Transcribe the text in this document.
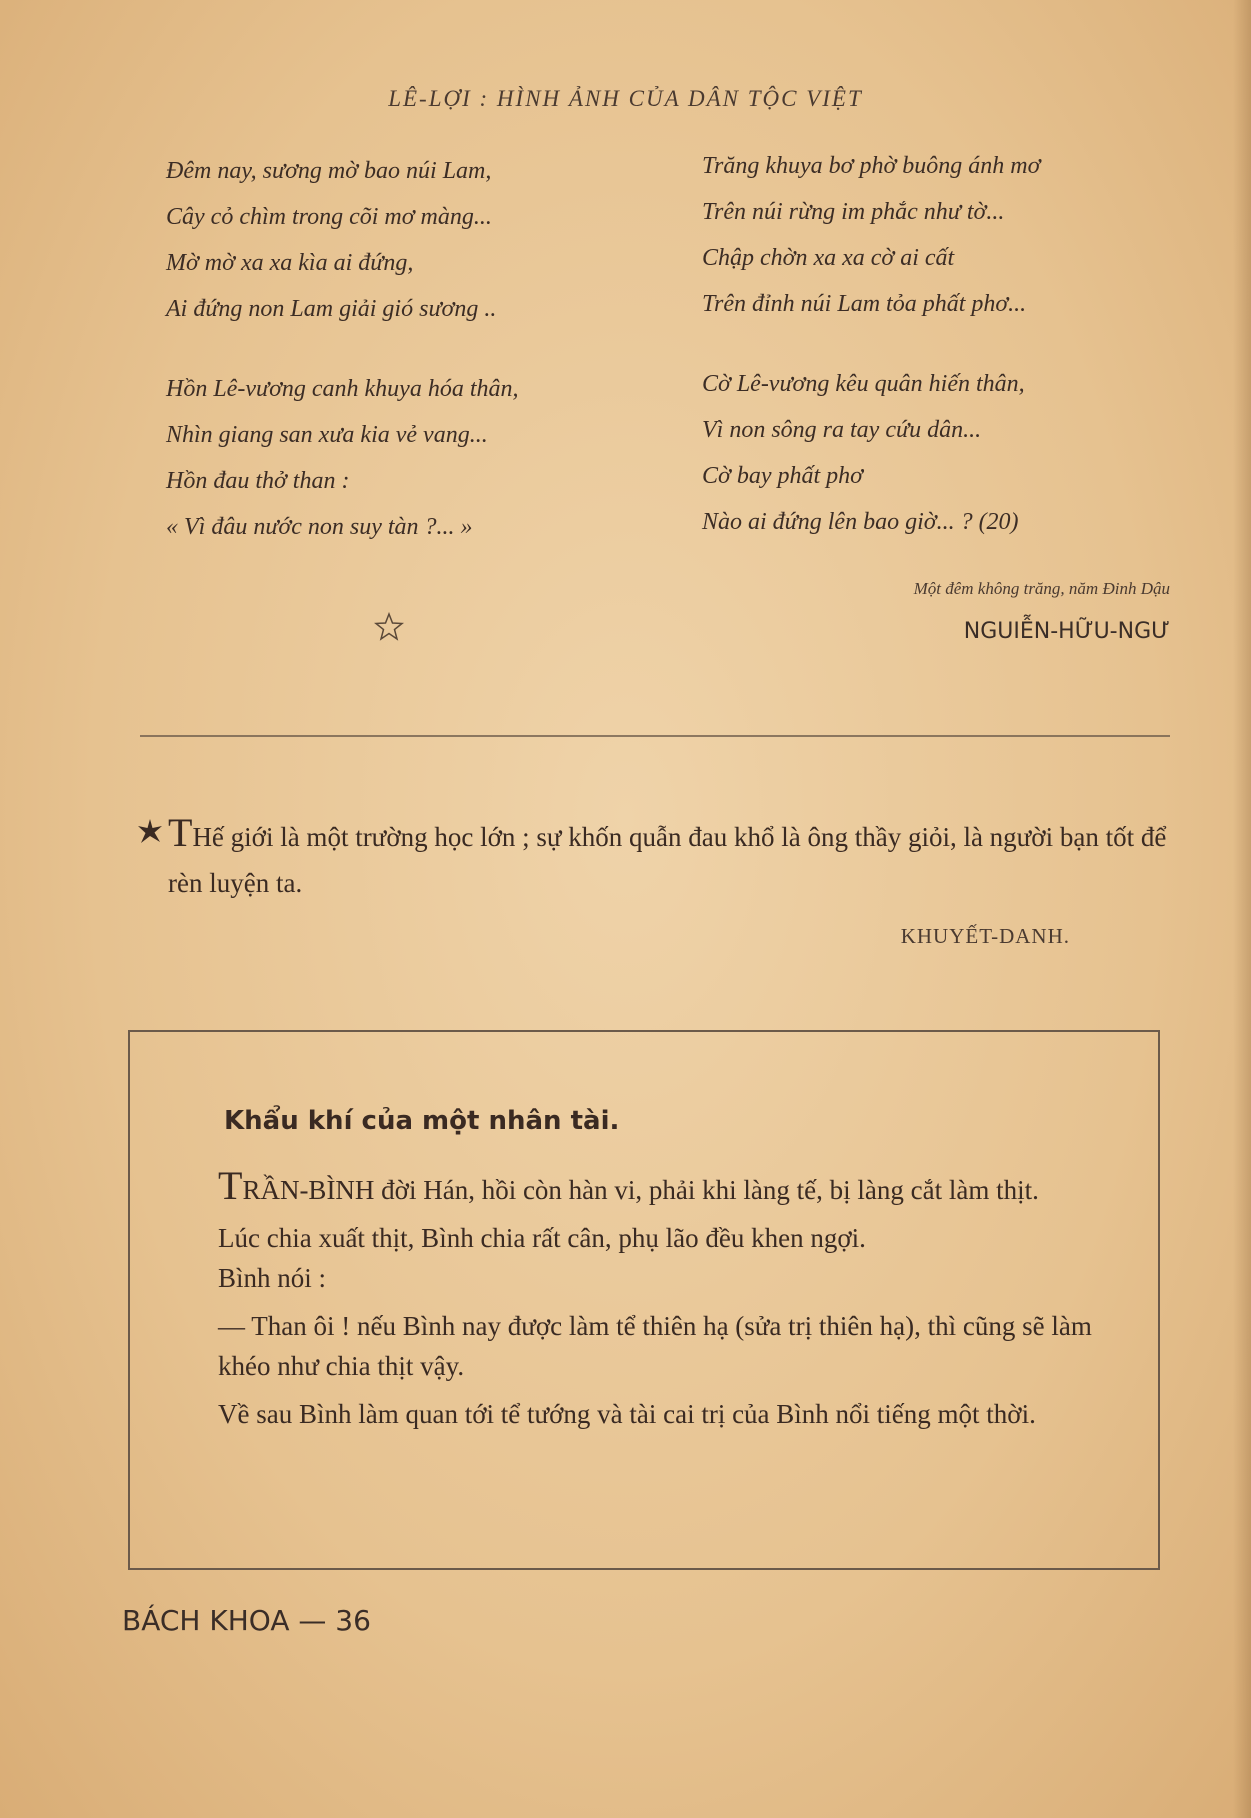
LÊ-LỢI : HÌNH ẢNH CỦA DÂN TỘC VIỆT
Đêm nay, sương mờ bao núi Lam,
Cây cỏ chìm trong cõi mơ màng...
Mờ mờ xa xa kìa ai đứng,
Ai đứng non Lam giải gió sương ..
Hồn Lê-vương canh khuya hóa thân,
Nhìn giang san xưa kia vẻ vang...
Hồn đau thở than :
« Vì đâu nước non suy tàn ?... »
Trăng khuya bơ phờ buông ánh mơ
Trên núi rừng im phắc như tờ...
Chập chờn xa xa cờ ai cất
Trên đỉnh núi Lam tỏa phất phơ...
Cờ Lê-vương kêu quân hiến thân,
Vì non sông ra tay cứu dân...
Cờ bay phất phơ
Nào ai đứng lên bao giờ... ? (20)
Một đêm không trăng, năm Đinh Dậu
NGUIỄN-HỮU-NGƯ
THế giới là một trường học lớn ; sự khốn quẫn đau khổ là ông thầy giỏi, là người bạn tốt để rèn luyện ta.
KHUYẾT-DANH.
Khẩu khí của một nhân tài.

TRẦN-BÌNH đời Hán, hồi còn hàn vi, phải khi làng tế, bị làng cắt làm thịt.

Lúc chia xuất thịt, Bình chia rất cân, phụ lão đều khen ngợi.

Bình nói :

— Than ôi ! nếu Bình nay được làm tể thiên hạ (sửa trị thiên hạ), thì cũng sẽ làm khéo như chia thịt vậy.

Về sau Bình làm quan tới tể tướng và tài cai trị của Bình nổi tiếng một thời.

BÁCH KHOA — 36
